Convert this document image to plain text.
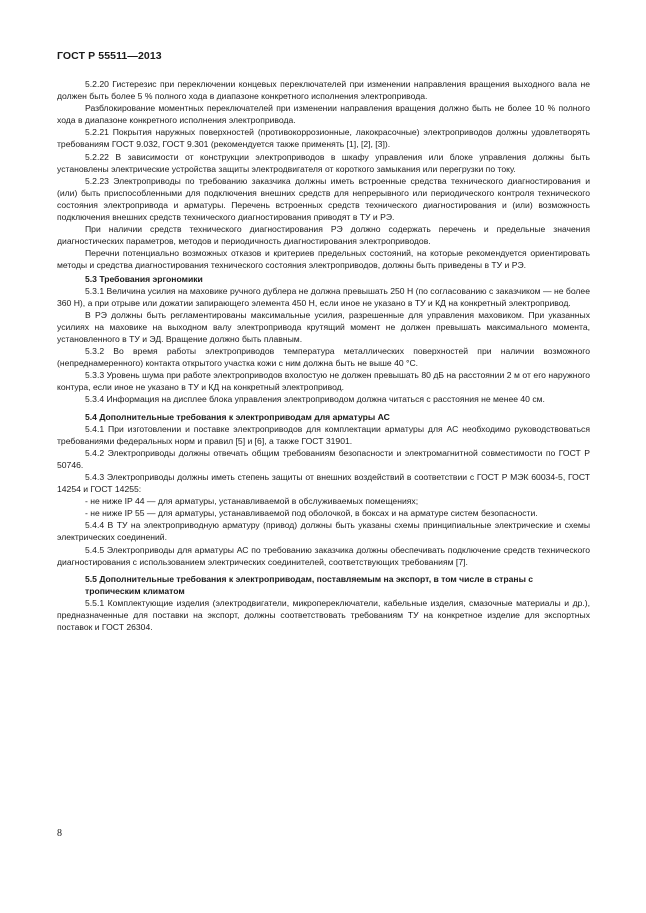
ГОСТ Р 55511—2013

5.2.20 Гистерезис при переключении концевых переключателей при изменении направления вращения выходного вала не должен быть более 5 % полного хода в диапазоне конкретного исполнения электропривода.

Разблокирование моментных переключателей при изменении направления вращения должно быть не более 10 % полного хода в диапазоне конкретного исполнения электропривода.

5.2.21 Покрытия наружных поверхностей (противокоррозионные, лакокрасочные) электроприводов должны удовлетворять требованиям ГОСТ 9.032, ГОСТ 9.301 (рекомендуется также применять [1], [2], [3]).

5.2.22 В зависимости от конструкции электроприводов в шкафу управления или блоке управления должны быть установлены электрические устройства защиты электродвигателя от короткого замыкания или перегрузки по току.

5.2.23 Электроприводы по требованию заказчика должны иметь встроенные средства технического диагностирования и (или) быть приспособленными для подключения внешних средств для непрерывного или периодического контроля технического состояния электропривода и арматуры. Перечень встроенных средств технического диагностирования и (или) возможность подключения внешних средств технического диагностирования приводят в ТУ и РЭ.

При наличии средств технического диагностирования РЭ должно содержать перечень и предельные значения диагностических параметров, методов и периодичность диагностирования электроприводов.

Перечни потенциально возможных отказов и критериев предельных состояний, на которые рекомендуется ориентировать методы и средства диагностирования технического состояния электроприводов, должны быть приведены в ТУ и РЭ.

5.3 Требования эргономики

5.3.1 Величина усилия на маховике ручного дублера не должна превышать 250 Н (по согласованию с заказчиком — не более 360 Н), а при отрыве или дожатии запирающего элемента 450 Н, если иное не указано в ТУ и КД на конкретный электропривод.

В РЭ должны быть регламентированы максимальные усилия, разрешенные для управления маховиком. При указанных усилиях на маховике на выходном валу электропривода крутящий момент не должен превышать максимального момента, установленного в ТУ и ЭД. Вращение должно быть плавным.

5.3.2 Во время работы электроприводов температура металлических поверхностей при наличии возможного (непреднамеренного) контакта открытого участка кожи с ним должна быть не выше 40 °С.

5.3.3 Уровень шума при работе электроприводов вхолостую не должен превышать 80 дБ на расстоянии 2 м от его наружного контура, если иное не указано в ТУ и КД на конкретный электропривод.

5.3.4 Информация на дисплее блока управления электроприводом должна читаться с расстояния не менее 40 см.

5.4 Дополнительные требования к электроприводам для арматуры АС

5.4.1 При изготовлении и поставке электроприводов для комплектации арматуры для АС необходимо руководствоваться требованиями федеральных норм и правил [5] и [6], а также ГОСТ 31901.

5.4.2 Электроприводы должны отвечать общим требованиям безопасности и электромагнитной совместимости по ГОСТ Р 50746.

5.4.3 Электроприводы должны иметь степень защиты от внешних воздействий в соответствии с ГОСТ Р МЭК 60034-5, ГОСТ 14254 и ГОСТ 14255:

- не ниже IP 44 — для арматуры, устанавливаемой в обслуживаемых помещениях;

- не ниже IP 55 — для арматуры, устанавливаемой под оболочкой, в боксах и на арматуре систем безопасности.

5.4.4 В ТУ на электроприводную арматуру (привод) должны быть указаны схемы принципиальные электрические и схемы электрических соединений.

5.4.5 Электроприводы для арматуры АС по требованию заказчика должны обеспечивать подключение средств технического диагностирования с использованием электрических соединителей, соответствующих требованиям [7].

5.5 Дополнительные требования к электроприводам, поставляемым на экспорт, в том числе в страны с тропическим климатом

5.5.1 Комплектующие изделия (электродвигатели, микропереключатели, кабельные изделия, смазочные материалы и др.), предназначенные для поставки на экспорт, должны соответствовать требованиям ТУ на конкретное изделие для экспортных поставок и ГОСТ 26304.

8
